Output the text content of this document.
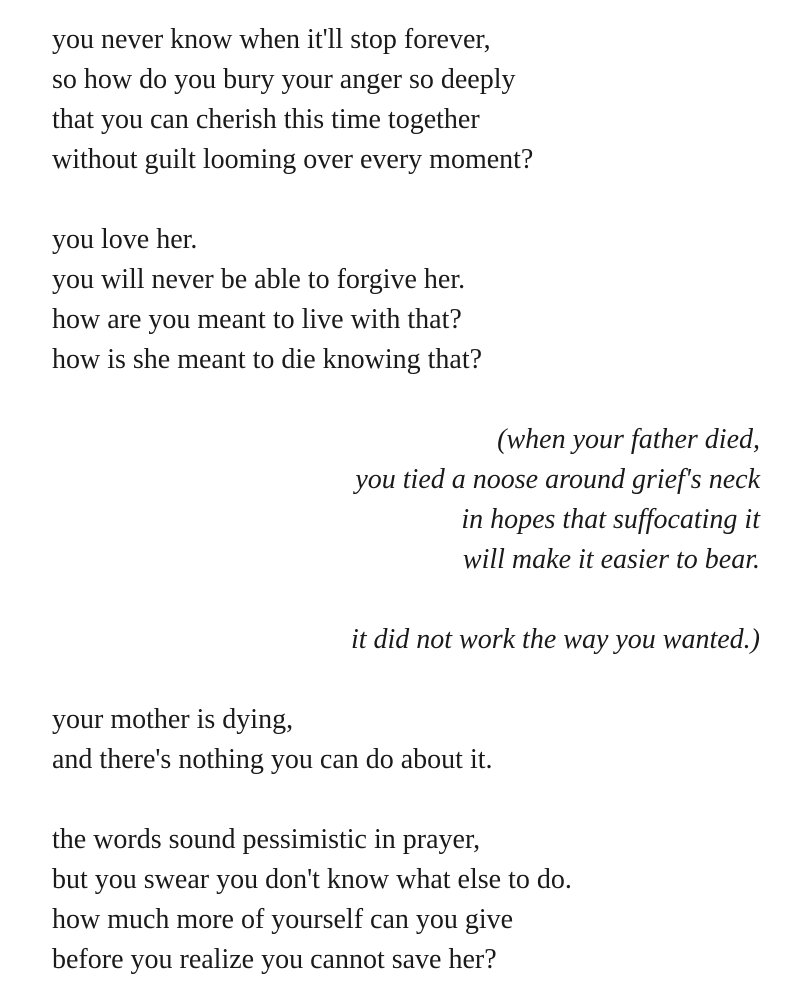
you never know when it'll stop forever,
so how do you bury your anger so deeply
that you can cherish this time together
without guilt looming over every moment?
you love her.
you will never be able to forgive her.
how are you meant to live with that?
how is she meant to die knowing that?
(when your father died,
you tied a noose around grief's neck
in hopes that suffocating it
will make it easier to bear.
it did not work the way you wanted.)
your mother is dying,
and there's nothing you can do about it.
the words sound pessimistic in prayer,
but you swear you don't know what else to do.
how much more of yourself can you give
before you realize you cannot save her?
